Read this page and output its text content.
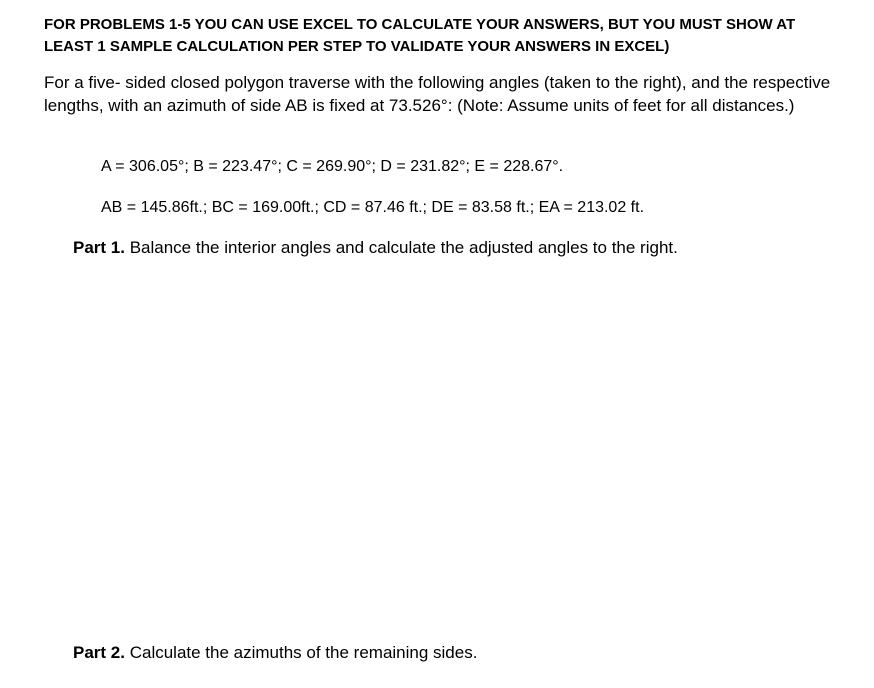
FOR PROBLEMS 1-5 YOU CAN USE EXCEL TO CALCULATE YOUR ANSWERS, BUT YOU MUST SHOW AT LEAST 1 SAMPLE CALCULATION PER STEP TO VALIDATE YOUR ANSWERS IN EXCEL)
For a five- sided closed polygon traverse with the following angles (taken to the right), and the respective lengths, with an azimuth of side AB is fixed at 73.526°: (Note: Assume units of feet for all distances.)
A = 306.05°; B = 223.47°; C = 269.90°; D = 231.82°; E = 228.67°.
AB = 145.86ft.; BC = 169.00ft.; CD = 87.46 ft.; DE = 83.58 ft.; EA = 213.02 ft.
Part 1. Balance the interior angles and calculate the adjusted angles to the right.
Part 2. Calculate the azimuths of the remaining sides.
